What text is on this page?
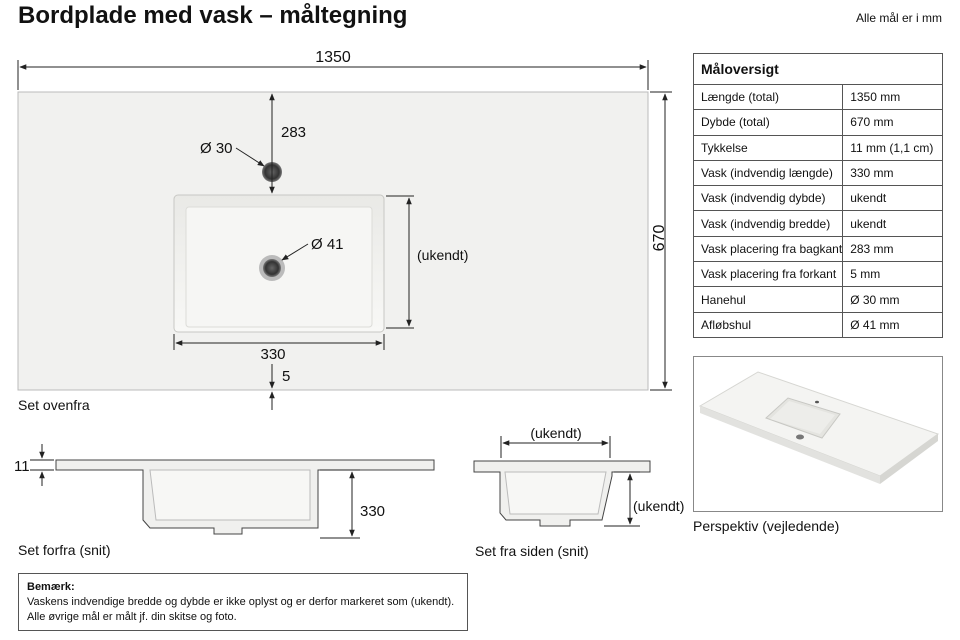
Bordplade med vask – måltegning	Alle mål er i mm
1350
670
283
Ø 30
Ø 41
(ukendt)
330
5
Set ovenfra
11
330
Set forfra (snit)
(ukendt)
(ukendt)
Set fra siden (snit)
Perspektiv (vejledende)
Måloversigt	
Længde (total)	1350 mm
Dybde (total)	670 mm
Tykkelse	11 mm (1,1 cm)
Vask (indvendig længde)	330 mm
Vask (indvendig dybde)	ukendt
Vask (indvendig bredde)	ukendt
Vask placering fra bagkant	283 mm
Vask placering fra forkant	5 mm
Hanehul	Ø 30 mm
Afløbshul	Ø 41 mm
Bemærk:
Vaskens indvendige bredde og dybde er ikke oplyst og er derfor markeret som (ukendt).
Alle øvrige mål er målt jf. din skitse og foto.
